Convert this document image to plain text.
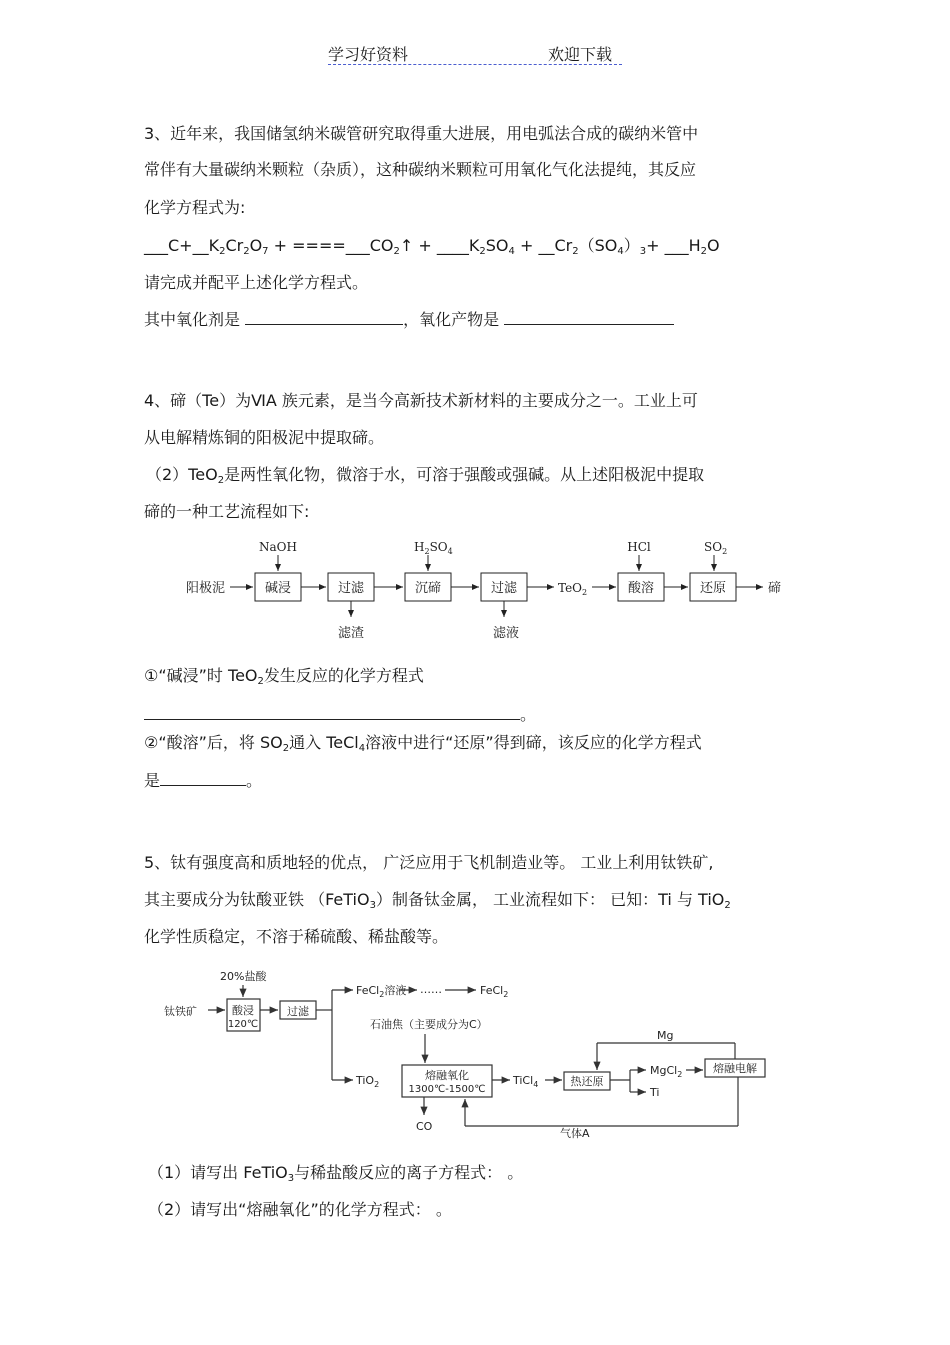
学习好资料	欢迎下载
3、近年来，我国储氢纳米碳管研究取得重大进展，用电弧法合成的碳纳米管中
常伴有大量碳纳米颗粒（杂质），这种碳纳米颗粒可用氧化气化法提纯，其反应
化学方程式为:
$\_\_\_C+\_\_K_2Cr_2O_7$ + $====\_\_\_CO_2↑$ + $\_\_\_\_K_2SO_4$ + $\_\_Cr_2(SO_4)_3+$ $\_\_\_H_2O$
请完成并配平上述化学方程式。
其中氧化剂是	，氧化产物是
4、碲（Te）为ⅥA 族元素，是当今高新技术新材料的主要成分之一。工业上可
从电解精炼铜的阳极泥中提取碲。
（2）TeO$_2$是两性氧化物，微溶于水，可溶于强酸或强碱。从上述阳极泥中提取
碲的一种工艺流程如下:
阳极泥	碱浸	过滤	沉碲	过滤	酸溶	还原	碲
NaOH	$H_2SO_4$	HCl	$SO_2$
TeO$_2$
滤渣	滤液
①“碱浸”时 TeO$_2$发生反应的化学方程式
。
②“酸溶”后，将 $SO_2$通入 TeCl$_4$溶液中进行“还原”得到碲，该反应的化学方程式
是	。
5、钛有强度高和质地轻的优点， 广泛应用于飞机制造业等。 工业上利用钛铁矿,
其主要成分为钛酸亚铁 （FeTiO$_3$）制备钛金属， 工业流程如下： 已知：Ti 与 TiO$_2$
化学性质稳定，不溶于稀硫酸、稀盐酸等。
20%盐酸
钛铁矿	酸浸
120℃
过滤
FeCl$_2$溶液 ……	FeCl$_2$
石油焦（主要成分为C）
TiO$_2$
熔融氧化
1300℃-1500℃
TiCl$_4$	热还原
Mg
MgCl$_2$
Ti
熔融电解
CO
气体A
（1）请写出 FeTiO$_3$与稀盐酸反应的离子方程式： 。
（2）请写出“熔融氧化”的化学方程式： 。
